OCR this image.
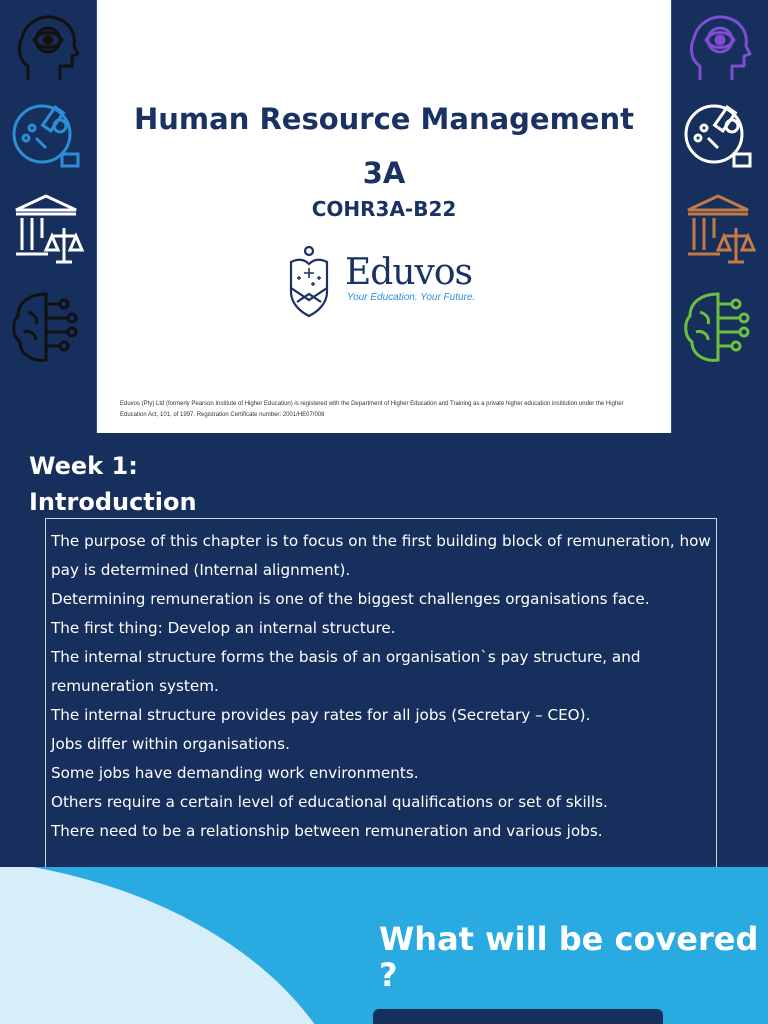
Human Resource Management
3A
COHR3A-B22
Eduvos
Your Education. Your Future.
Eduvos (Pty) Ltd (formerly Pearson Institute of Higher Education) is registered with the Department of Higher Education and Training as a private higher education institution under the Higher Education Act, 101, of 1997. Registration Certificate number: 2001/HE07/008
Week 1:
Introduction

The purpose of this chapter is to focus on the first building block of remuneration, how pay is determined (Internal alignment).

Determining remuneration is one of the biggest challenges organisations face.

The first thing: Develop an internal structure.

The internal structure forms the basis of an organisation`s pay structure, and remuneration system.

The internal structure provides pay rates for all jobs (Secretary – CEO).

Jobs differ within organisations.

Some jobs have demanding work environments.

Others require a certain level of educational qualifications or set of skills.

There need to be a relationship between remuneration and various jobs.

What will be covered ?
